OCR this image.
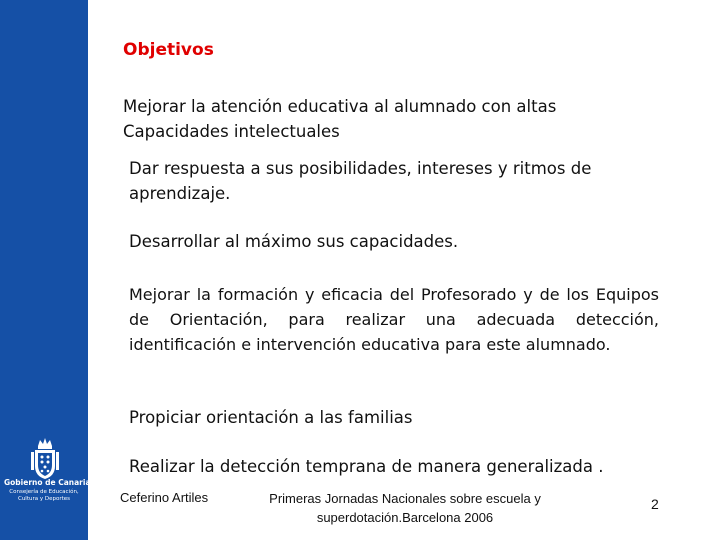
Gobierno de Canarias
Consejería de Educación, Cultura y Deportes
Objetivos
Mejorar la atención educativa al alumnado con altas
Capacidades intelectuales
Dar respuesta a sus posibilidades, intereses y ritmos de
aprendizaje.
Desarrollar al máximo sus capacidades.
Mejorar la formación y eficacia del Profesorado y de los Equipos de Orientación, para realizar una adecuada detección, identificación e intervención educativa para este alumnado.
Propiciar orientación a las familias
Realizar la detección temprana de manera generalizada .
Ceferino Artiles	Primeras Jornadas Nacionales sobre escuela y
superdotación.Barcelona 2006
2
